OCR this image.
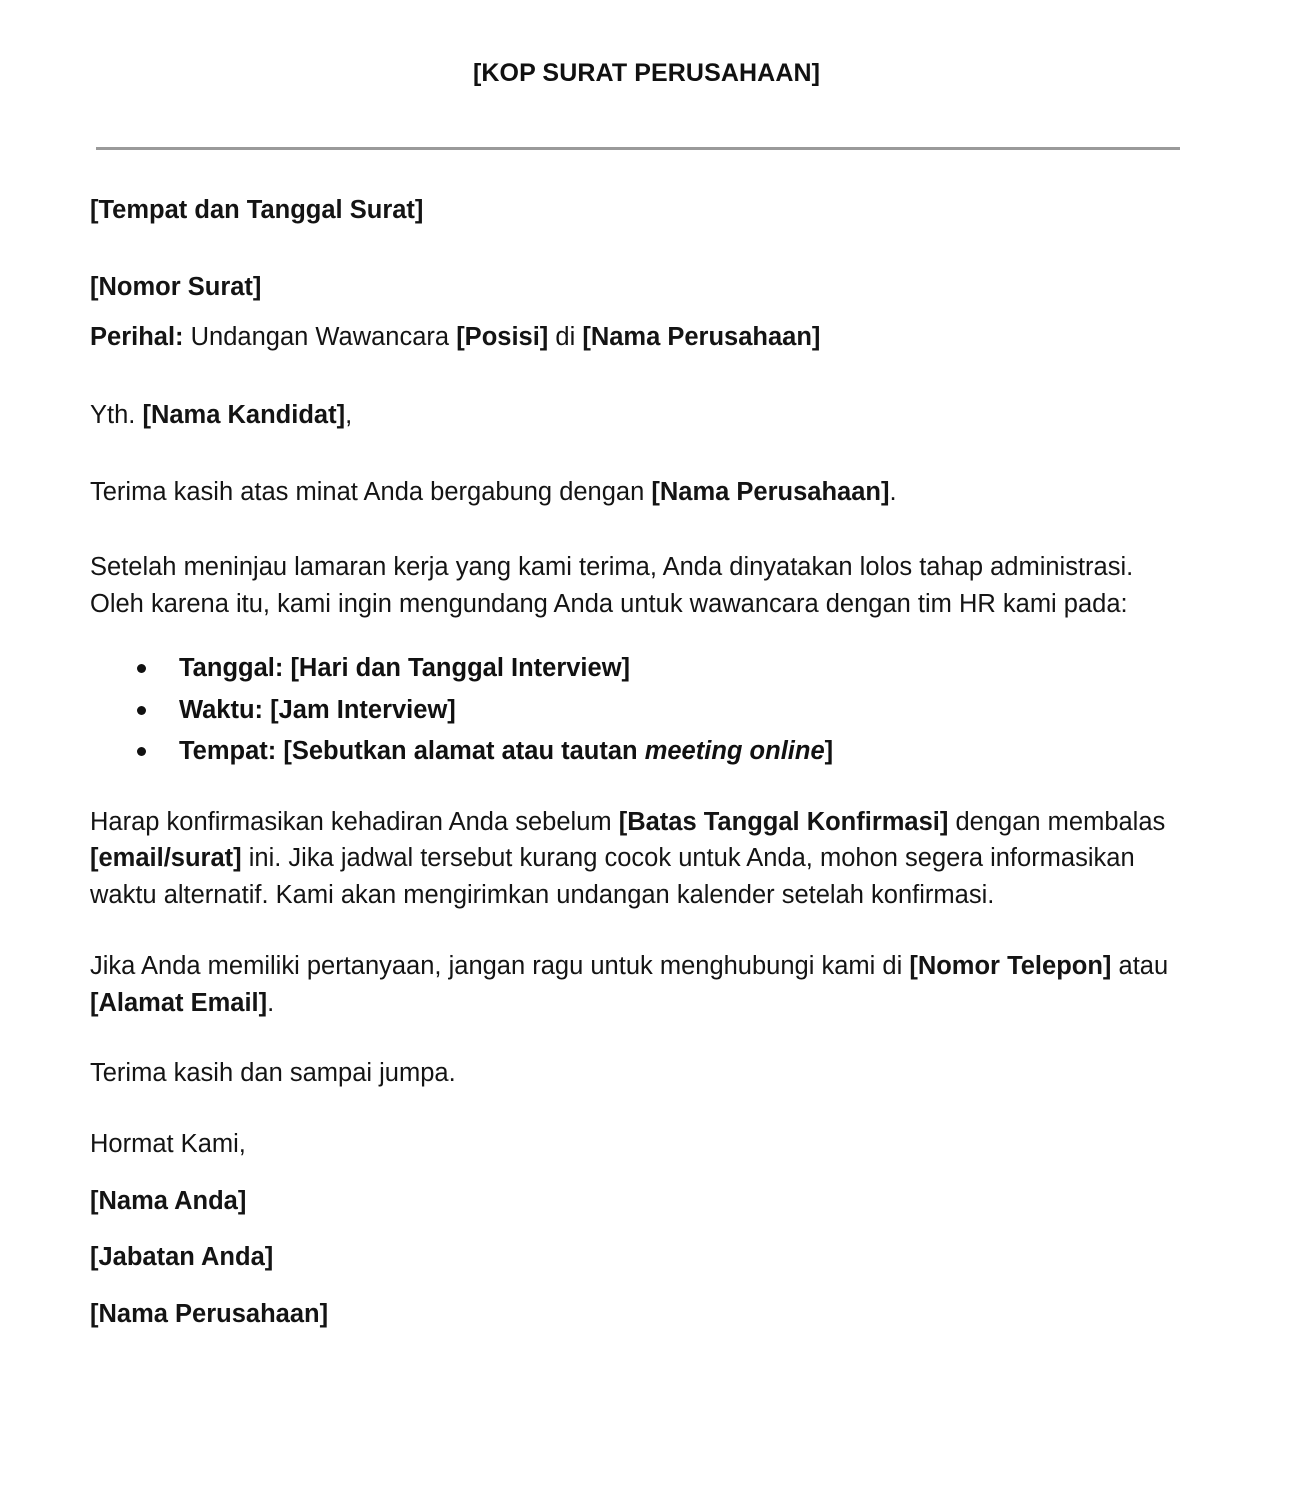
[KOP SURAT PERUSAHAAN]

[Tempat dan Tanggal Surat]

[Nomor Surat]

Perihal: Undangan Wawancara [Posisi] di [Nama Perusahaan]

Yth. [Nama Kandidat],

Terima kasih atas minat Anda bergabung dengan [Nama Perusahaan].

Setelah meninjau lamaran kerja yang kami terima, Anda dinyatakan lolos tahap administrasi. Oleh karena itu, kami ingin mengundang Anda untuk wawancara dengan tim HR kami pada:

Tanggal: [Hari dan Tanggal Interview]
Waktu: [Jam Interview]
Tempat: [Sebutkan alamat atau tautan meeting online]

Harap konfirmasikan kehadiran Anda sebelum [Batas Tanggal Konfirmasi] dengan membalas [email/surat] ini. Jika jadwal tersebut kurang cocok untuk Anda, mohon segera informasikan waktu alternatif. Kami akan mengirimkan undangan kalender setelah konfirmasi.

Jika Anda memiliki pertanyaan, jangan ragu untuk menghubungi kami di [Nomor Telepon] atau [Alamat Email].

Terima kasih dan sampai jumpa.

Hormat Kami,

[Nama Anda]

[Jabatan Anda]

[Nama Perusahaan]
